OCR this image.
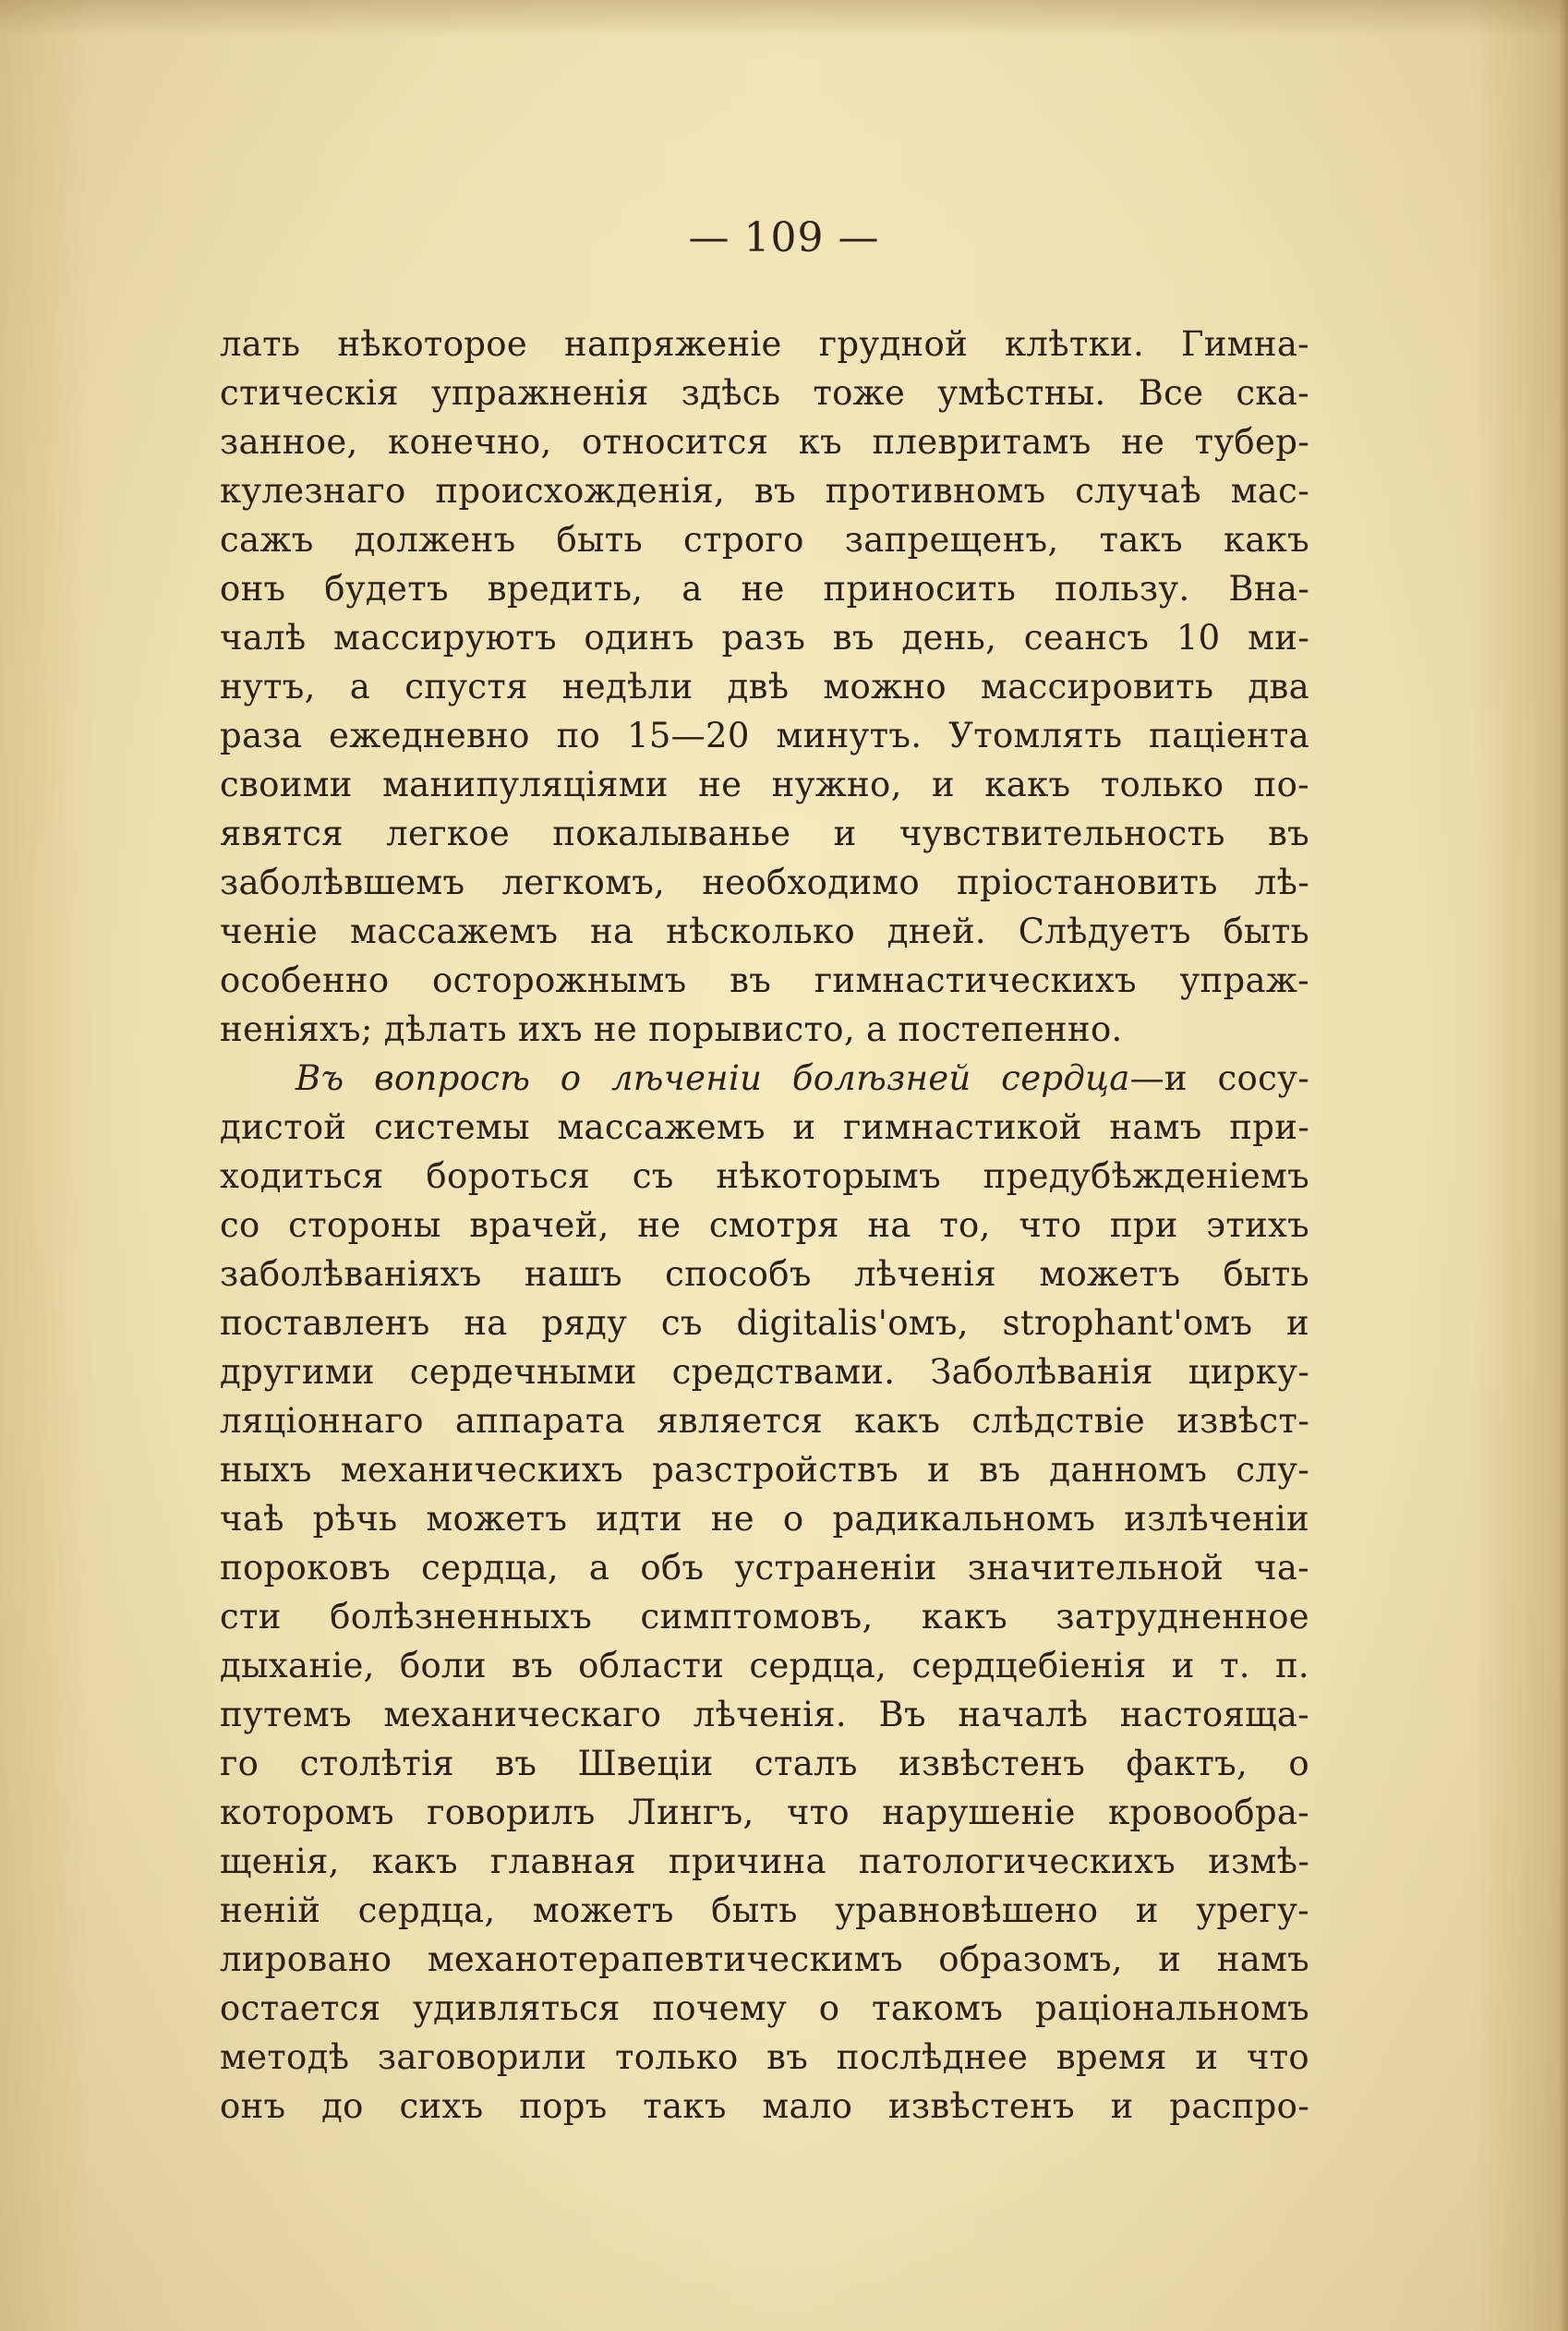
— 109 —
лать нѣкоторое напряженіе грудной клѣтки. Гимна-
стическія упражненія здѣсь тоже умѣстны. Все ска-
занное, конечно, относится къ плевритамъ не тубер-
кулезнаго происхожденія, въ противномъ случаѣ мас-
сажъ долженъ быть строго запрещенъ, такъ какъ
онъ будетъ вредить, а не приносить пользу. Вна-
чалѣ массируютъ одинъ разъ въ день, сеансъ 10 ми-
нутъ, а спустя недѣли двѣ можно массировить два
раза ежедневно по 15—20 минутъ. Утомлять паціента
своими манипуляціями не нужно, и какъ только по-
явятся легкое покалыванье и чувствительность въ
заболѣвшемъ легкомъ, необходимо пріостановить лѣ-
ченіе массажемъ на нѣсколько дней. Слѣдуетъ быть
особенно осторожнымъ въ гимнастическихъ упраж-
неніяхъ; дѣлать ихъ не порывисто, а постепенно.
Въ вопросѣ о лѣченіи болѣзней сердца—и сосу-
дистой системы массажемъ и гимнастикой намъ при-
ходиться бороться съ нѣкоторымъ предубѣжденіемъ
со стороны врачей, не смотря на то, что при этихъ
заболѣваніяхъ нашъ способъ лѣченія можетъ быть
поставленъ на ряду съ digitalis'омъ, strophant'омъ и
другими сердечными средствами. Заболѣванія цирку-
ляціоннаго аппарата является какъ слѣдствіе извѣст-
ныхъ механическихъ разстройствъ и въ данномъ слу-
чаѣ рѣчь можетъ идти не о радикальномъ излѣченіи
пороковъ сердца, а объ устраненіи значительной ча-
сти болѣзненныхъ симптомовъ, какъ затрудненное
дыханіе, боли въ области сердца, сердцебіенія и т. п.
путемъ механическаго лѣченія. Въ началѣ настояща-
го столѣтія въ Швеціи сталъ извѣстенъ фактъ, о
которомъ говорилъ Лингъ, что нарушеніе кровообра-
щенія, какъ главная причина патологическихъ измѣ-
неній сердца, можетъ быть уравновѣшено и урегу-
лировано механотерапевтическимъ образомъ, и намъ
остается удивляться почему о такомъ раціональномъ
методѣ заговорили только въ послѣднее время и что
онъ до сихъ поръ такъ мало извѣстенъ и распро-
